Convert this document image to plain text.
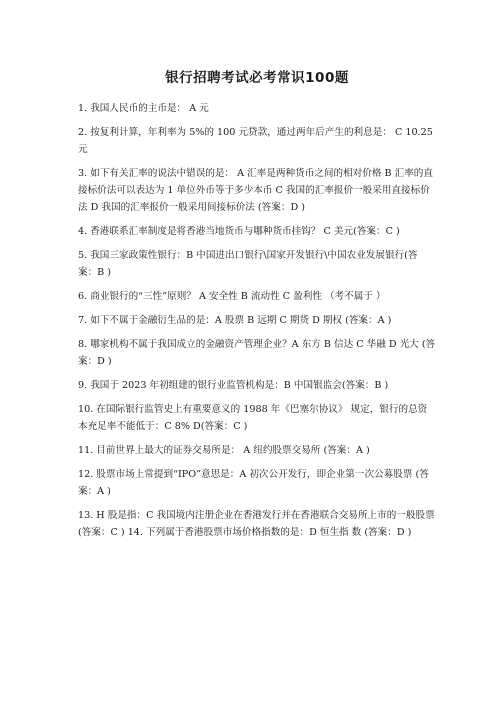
银行招聘考试必考常识100题

1. 我国人民币的主币是： A 元

2. 按复利计算，年利率为 5%的 100 元贷款，通过两年后产生的利息是： C 10.25 元

3. 如下有关汇率的说法中错误的是： A 汇率是两种货币之间的相对价格 B 汇率的直接标价法可以表达为 1 单位外币等于多少本币 C 我国的汇率报价一般采用直接标价法 D 我国的汇率报价一般采用间接标价法 (答案：D )

4. 香港联系汇率制度是将香港当地货币与哪种货币挂钩？ C 美元(答案：C )

5. 我国三家政策性银行：B 中国进出口银行\国家开发银行\中国农业发展银行(答案：B )

6. 商业银行的“三性”原则？ A 安全性 B 流动性 C 盈利性 （考不属于 ）

7. 如下不属于金融衍生品的是：A 股票 B 远期 C 期货 D 期权 (答案：A )

8. 哪家机构不属于我国成立的金融资产管理企业？A 东方 B 信达 C 华融 D 光大 (答案：D )

9. 我国于 2023 年初组建的银行业监管机构是：B 中国银监会(答案：B )

10. 在国际银行监管史上有重要意义的 1988 年《巴塞尔协议》 规定，银行的总资本充足率不能低于：C 8% D(答案：C )

11. 目前世界上最大的证券交易所是： A 纽约股票交易所 (答案：A )

12. 股票市场上常提到“IPO”意思是：A 初次公开发行，即企业第一次公募股票 (答案：A )

13. H 股是指：C 我国境内注册企业在香港发行并在香港联合交易所上市的一般股票(答案：C ) 14. 下列属于香港股票市场价格指数的是：D 恒生指 数 (答案：D )
